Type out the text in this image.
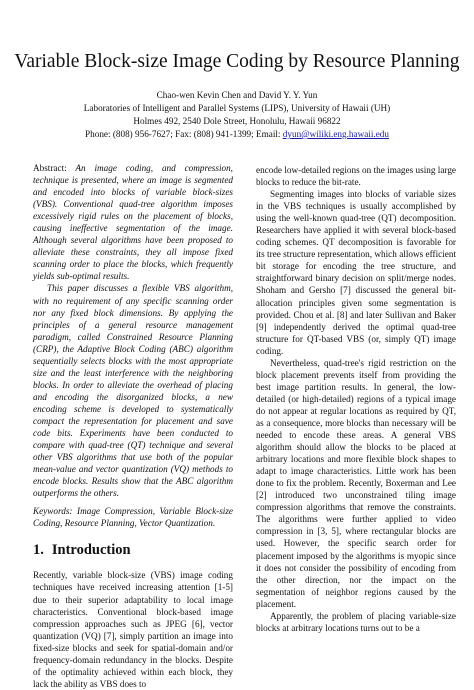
Variable Block-size Image Coding by Resource Planning
Chao-wen Kevin Chen and David Y. Y. Yun
Laboratories of Intelligent and Parallel Systems (LIPS), University of Hawaii (UH)
Holmes 492, 2540 Dole Street, Honolulu, Hawaii 96822
Phone: (808) 956-7627; Fax: (808) 941-1399; Email: dyun@wiliki.eng.hawaii.edu

Abstract: An image coding, and compression, technique is presented, where an image is segmented and encoded into blocks of variable block-sizes (VBS). Conventional quad-tree algorithm imposes excessively rigid rules on the placement of blocks, causing ineffective segmentation of the image. Although several algorithms have been proposed to alleviate these constraints, they all impose fixed scanning order to place the blocks, which frequently yields sub-optimal results.

This paper discusses a flexible VBS algorithm, with no requirement of any specific scanning order nor any fixed block dimensions. By applying the principles of a general resource management paradigm, called Constrained Resource Planning (CRP), the Adaptive Block Coding (ABC) algorithm sequentially selects blocks with the most appropriate size and the least interference with the neighboring blocks. In order to alleviate the overhead of placing and encoding the disorganized blocks, a new encoding scheme is developed to systematically compact the representation for placement and save code bits. Experiments have been conducted to compare with quad-tree (QT) technique and several other VBS algorithms that use both of the popular mean-value and vector quantization (VQ) methods to encode blocks. Results show that the ABC algorithm outperforms the others.

Keywords: Image Compression, Variable Block-size Coding, Resource Planning, Vector Quantization.

1. Introduction

Recently, variable block-size (VBS) image coding techniques have received increasing attention [1-5] due to their superior adaptability to local image characteristics. Conventional block-based image compression approaches such as JPEG [6], vector quantization (VQ) [7], simply partition an image into fixed-size blocks and seek for spatial-domain and/or frequency-domain redundancy in the blocks. Despite of the optimality achieved within each block, they lack the ability as VBS does to

encode low-detailed regions on the images using large blocks to reduce the bit-rate.

Segmenting images into blocks of variable sizes in the VBS techniques is usually accomplished by using the well-known quad-tree (QT) decomposition. Researchers have applied it with several block-based coding schemes. QT decomposition is favorable for its tree structure representation, which allows efficient bit storage for encoding the tree structure, and straightforward binary decision on split/merge nodes. Shoham and Gersho [7] discussed the general bit-allocation principles given some segmentation is provided. Chou et al. [8] and later Sullivan and Baker [9] independently derived the optimal quad-tree structure for QT-based VBS (or, simply QT) image coding.

Nevertheless, quad-tree's rigid restriction on the block placement prevents itself from providing the best image partition results. In general, the low-detailed (or high-detailed) regions of a typical image do not appear at regular locations as required by QT, as a consequence, more blocks than necessary will be needed to encode these areas. A general VBS algorithm should allow the blocks to be placed at arbitrary locations and more flexible block shapes to adapt to image characteristics. Little work has been done to fix the problem. Recently, Boxerman and Lee [2] introduced two unconstrained tiling image compression algorithms that remove the constraints. The algorithms were further applied to video compression in [3, 5], where rectangular blocks are used. However, the specific search order for placement imposed by the algorithms is myopic since it does not consider the possibility of encoding from the other direction, nor the impact on the segmentation of neighbor regions caused by the placement.

Apparently, the problem of placing variable-size blocks at arbitrary locations turns out to be a
